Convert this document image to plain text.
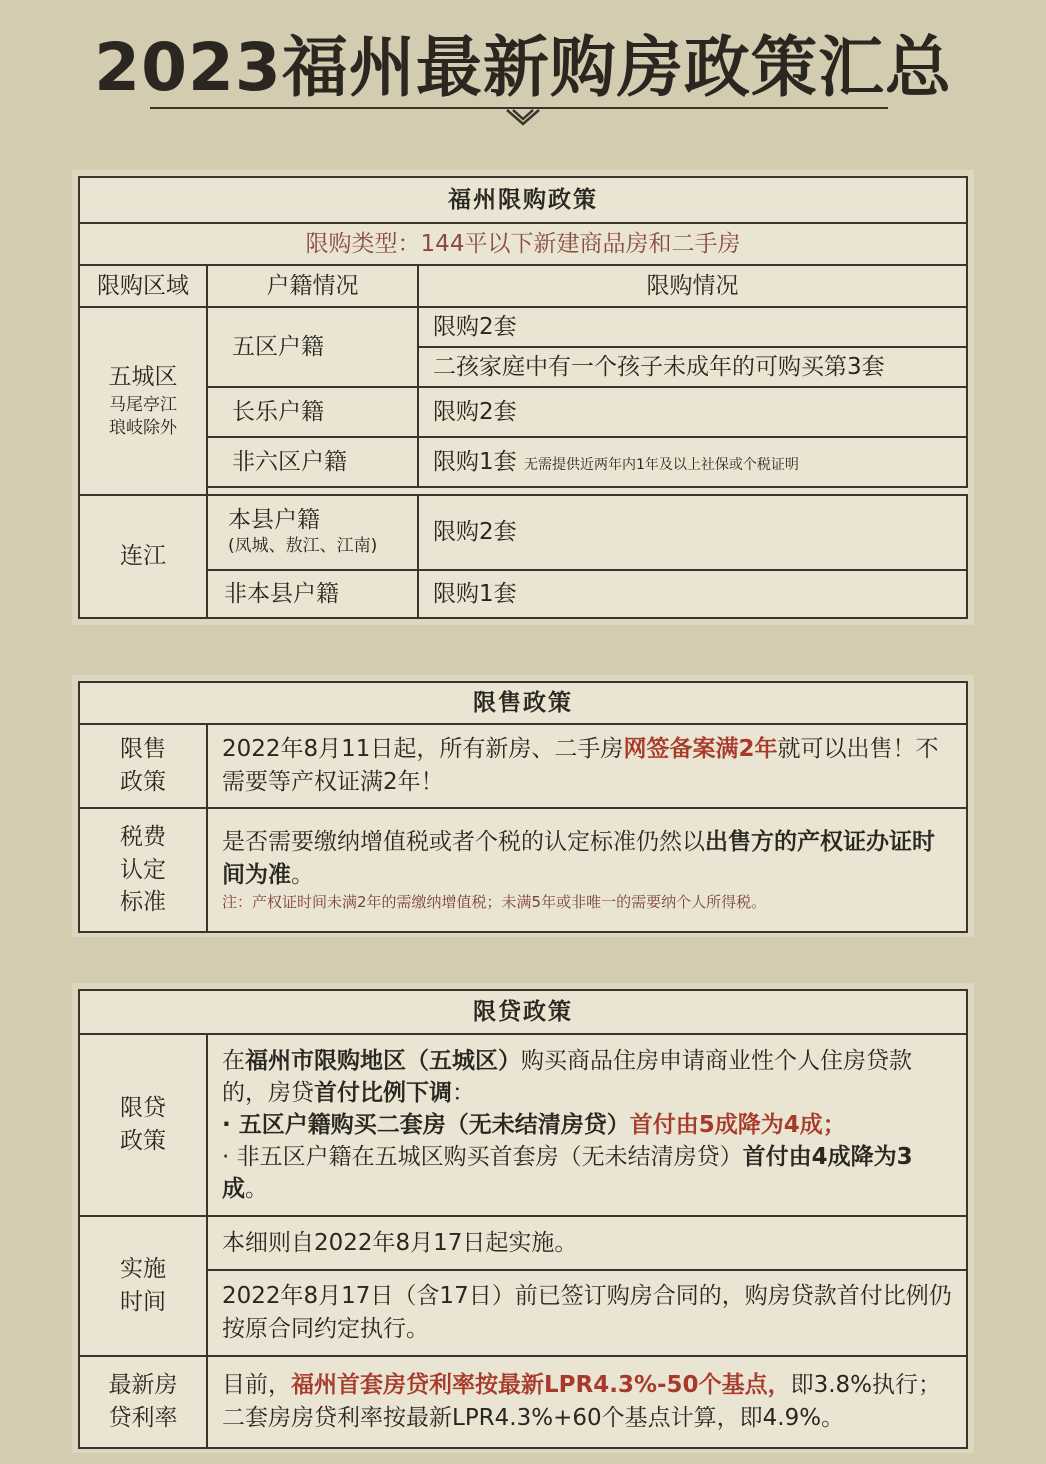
2023福州最新购房政策汇总
福州限购政策		
限购类型：144平以下新建商品房和二手房		
限购区域	户籍情况	限购情况
五城区
马尾亭江
琅岐除外	五区户籍	限购2套
		二孩家庭中有一个孩子未成年的可购买第3套
	长乐户籍	限购2套
	非六区户籍	限购1套 无需提供近两年内1年及以上社保或个税证明

连江	本县户籍
(凤城、敖江、江南)	限购2套
	非本县户籍	限购1套
限售政策	
限售
政策	2022年8月11日起，所有新房、二手房网签备案满2年就可以出售！不需要等产权证满2年！
税费
认定
标准	是否需要缴纳增值税或者个税的认定标准仍然以出售方的产权证办证时间为准。
注：产权证时间未满2年的需缴纳增值税；未满5年或非唯一的需要纳个人所得税。
限贷政策	
限贷
政策	在福州市限购地区（五城区）购买商品住房申请商业性个人住房贷款的，房贷首付比例下调：
· 五区户籍购买二套房（无未结清房贷）首付由5成降为4成；
· 非五区户籍在五城区购买首套房（无未结清房贷）首付由4成降为3成。

实施
时间	本细则自2022年8月17日起实施。
	2022年8月17日（含17日）前已签订购房合同的，购房贷款首付比例仍按原合同约定执行。
最新房
贷利率	目前，福州首套房贷利率按最新LPR4.3%-50个基点，即3.8%执行；二套房房贷利率按最新LPR4.3%+60个基点计算，即4.9%。
